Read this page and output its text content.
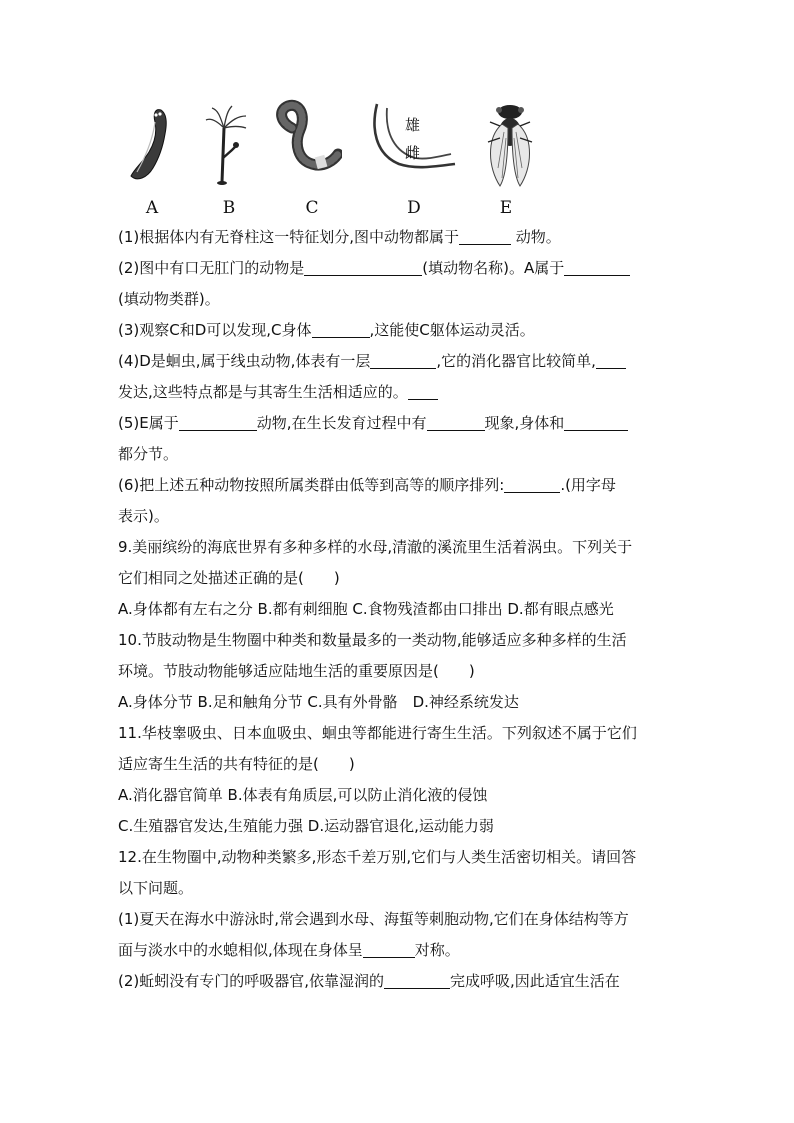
A	B	C
雄
雌
D	E
(1)根据体内有无脊柱这一特征划分,图中动物都属于	动物。
(2)图中有口无肛门的动物是	(填动物名称)。A属于
(填动物类群)。
(3)观察C和D可以发现,C身体	,这能使C躯体运动灵活。
(4)D是蛔虫,属于线虫动物,体表有一层	,它的消化器官比较简单,
发达,这些特点都是与其寄生生活相适应的。
(5)E属于	动物,在生长发育过程中有	现象,身体和
都分节。
(6)把上述五种动物按照所属类群由低等到高等的顺序排列:	.(用字母
表示)。
9.美丽缤纷的海底世界有多种多样的水母,清澈的溪流里生活着涡虫。下列关于
它们相同之处描述正确的是(　　)
A.身体都有左右之分 B.都有刺细胞 C.食物残渣都由口排出 D.都有眼点感光
10.节肢动物是生物圈中种类和数量最多的一类动物,能够适应多种多样的生活
环境。节肢动物能够适应陆地生活的重要原因是(　　)
A.身体分节 B.足和触角分节 C.具有外骨骼　D.神经系统发达
11.华枝睾吸虫、日本血吸虫、蛔虫等都能进行寄生生活。下列叙述不属于它们
适应寄生生活的共有特征的是(　　)
A.消化器官简单 B.体表有角质层,可以防止消化液的侵蚀
C.生殖器官发达,生殖能力强 D.运动器官退化,运动能力弱
12.在生物圈中,动物种类繁多,形态千差万别,它们与人类生活密切相关。请回答
以下问题。
(1)夏天在海水中游泳时,常会遇到水母、海蜇等刺胞动物,它们在身体结构等方
面与淡水中的水螅相似,体现在身体呈	对称。
(2)蚯蚓没有专门的呼吸器官,依靠湿润的	完成呼吸,因此适宜生活在
